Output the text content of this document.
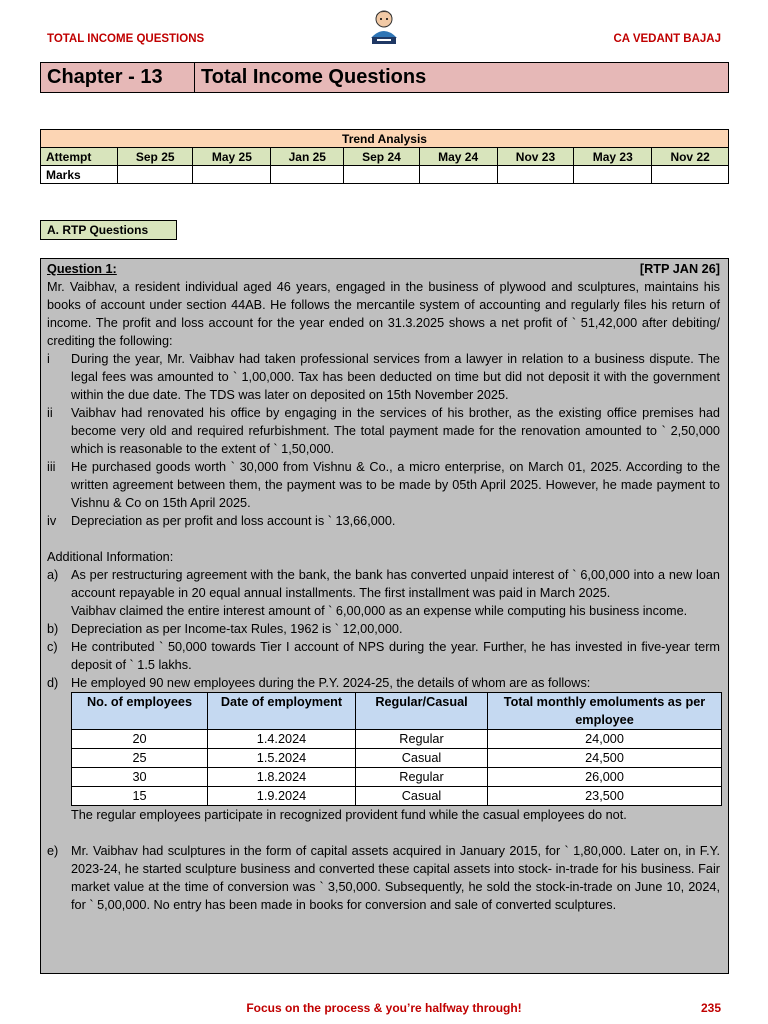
TOTAL INCOME QUESTIONS	CA VEDANT BAJAJ
Chapter - 13	Total Income Questions
Trend Analysis								
Attempt	Sep 25	May 25	Jan 25	Sep 24	May 24	Nov 23	May 23	Nov 22
Marks								
A. RTP Questions
Question 1:	[RTP JAN 26]
Mr. Vaibhav, a resident individual aged 46 years, engaged in the business of plywood and sculptures, maintains his books of account under section 44AB. He follows the mercantile system of accounting and regularly files his return of income. The profit and loss account for the year ended on 31.3.2025 shows a net profit of ` 51,42,000 after debiting/ crediting the following:
i	During the year, Mr. Vaibhav had taken professional services from a lawyer in relation to a business dispute. The legal fees was amounted to ` 1,00,000. Tax has been deducted on time but did not deposit it with the government within the due date. The TDS was later on deposited on 15th November 2025.
ii	Vaibhav had renovated his office by engaging in the services of his brother, as the existing office premises had become very old and required refurbishment. The total payment made for the renovation amounted to ` 2,50,000 which is reasonable to the extent of ` 1,50,000.
iii	He purchased goods worth ` 30,000 from Vishnu & Co., a micro enterprise, on March 01, 2025. According to the written agreement between them, the payment was to be made by 05th April 2025. However, he made payment to Vishnu & Co on 15th April 2025.
iv	Depreciation as per profit and loss account is ` 13,66,000.
Additional Information:
a)	As per restructuring agreement with the bank, the bank has converted unpaid interest of ` 6,00,000 into a new loan account repayable in 20 equal annual installments. The first installment was paid in March 2025.
Vaibhav claimed the entire interest amount of ` 6,00,000 as an expense while computing his business income.
b)	Depreciation as per Income-tax Rules, 1962 is ` 12,00,000.
c)	He contributed ` 50,000 towards Tier I account of NPS during the year. Further, he has invested in five-year term deposit of ` 1.5 lakhs.
d)	He employed 90 new employees during the P.Y. 2024-25, the details of whom are as follows:
No. of employees	Date of employment	Regular/Casual	Total monthly emoluments as per employee
20	1.4.2024	Regular	24,000
25	1.5.2024	Casual	24,500
30	1.8.2024	Regular	26,000
15	1.9.2024	Casual	23,500
The regular employees participate in recognized provident fund while the casual employees do not.
e)	Mr. Vaibhav had sculptures in the form of capital assets acquired in January 2015, for ` 1,80,000. Later on, in F.Y. 2023-24, he started sculpture business and converted these capital assets into stock- in-trade for his business. Fair market value at the time of conversion was ` 3,50,000. Subsequently, he sold the stock-in-trade on June 10, 2024, for ` 5,00,000. No entry has been made in books for conversion and sale of converted sculptures.
Focus on the process & you’re halfway through!	235
